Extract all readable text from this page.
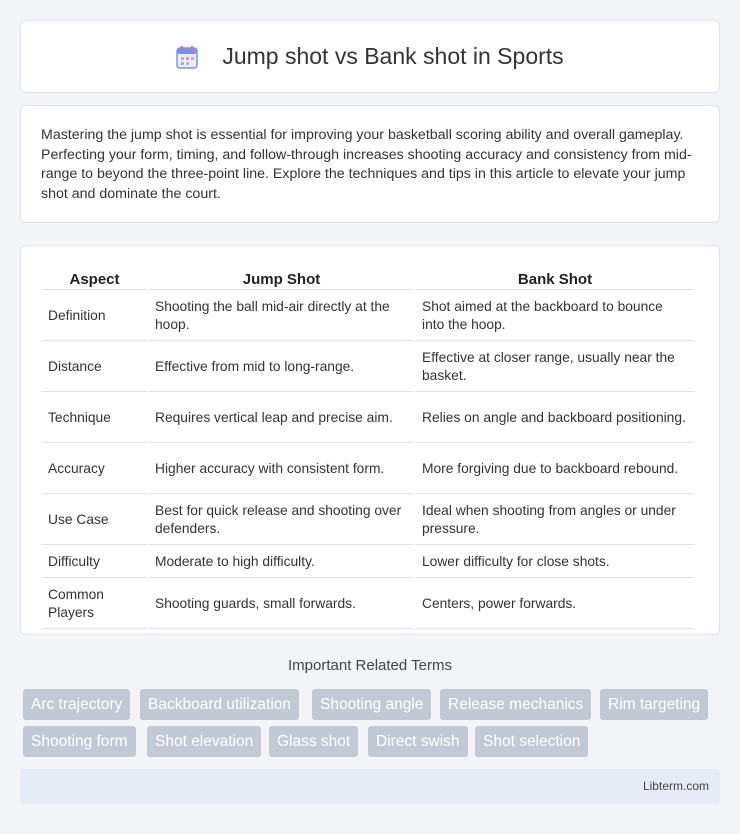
Jump shot vs Bank shot in Sports

Mastering the jump shot is essential for improving your basketball scoring ability and overall gameplay. Perfecting your form, timing, and follow-through increases shooting accuracy and consistency from mid-range to beyond the three-point line. Explore the techniques and tips in this article to elevate your jump shot and dominate the court.

Aspect	Jump Shot	Bank Shot
Definition	Shooting the ball mid-air directly at the hoop.	Shot aimed at the backboard to bounce into the hoop.
Distance	Effective from mid to long-range.	Effective at closer range, usually near the basket.
Technique	Requires vertical leap and precise aim.	Relies on angle and backboard positioning.
Accuracy	Higher accuracy with consistent form.	More forgiving due to backboard rebound.
Use Case	Best for quick release and shooting over defenders.	Ideal when shooting from angles or under pressure.
Difficulty	Moderate to high difficulty.	Lower difficulty for close shots.
Common Players	Shooting guards, small forwards.	Centers, power forwards.
Important Related Terms
Arc trajectory	Backboard utilization	Shooting angle	Release mechanics	Rim targeting
Shooting form	Shot elevation	Glass shot	Direct swish	Shot selection
Libterm.com
